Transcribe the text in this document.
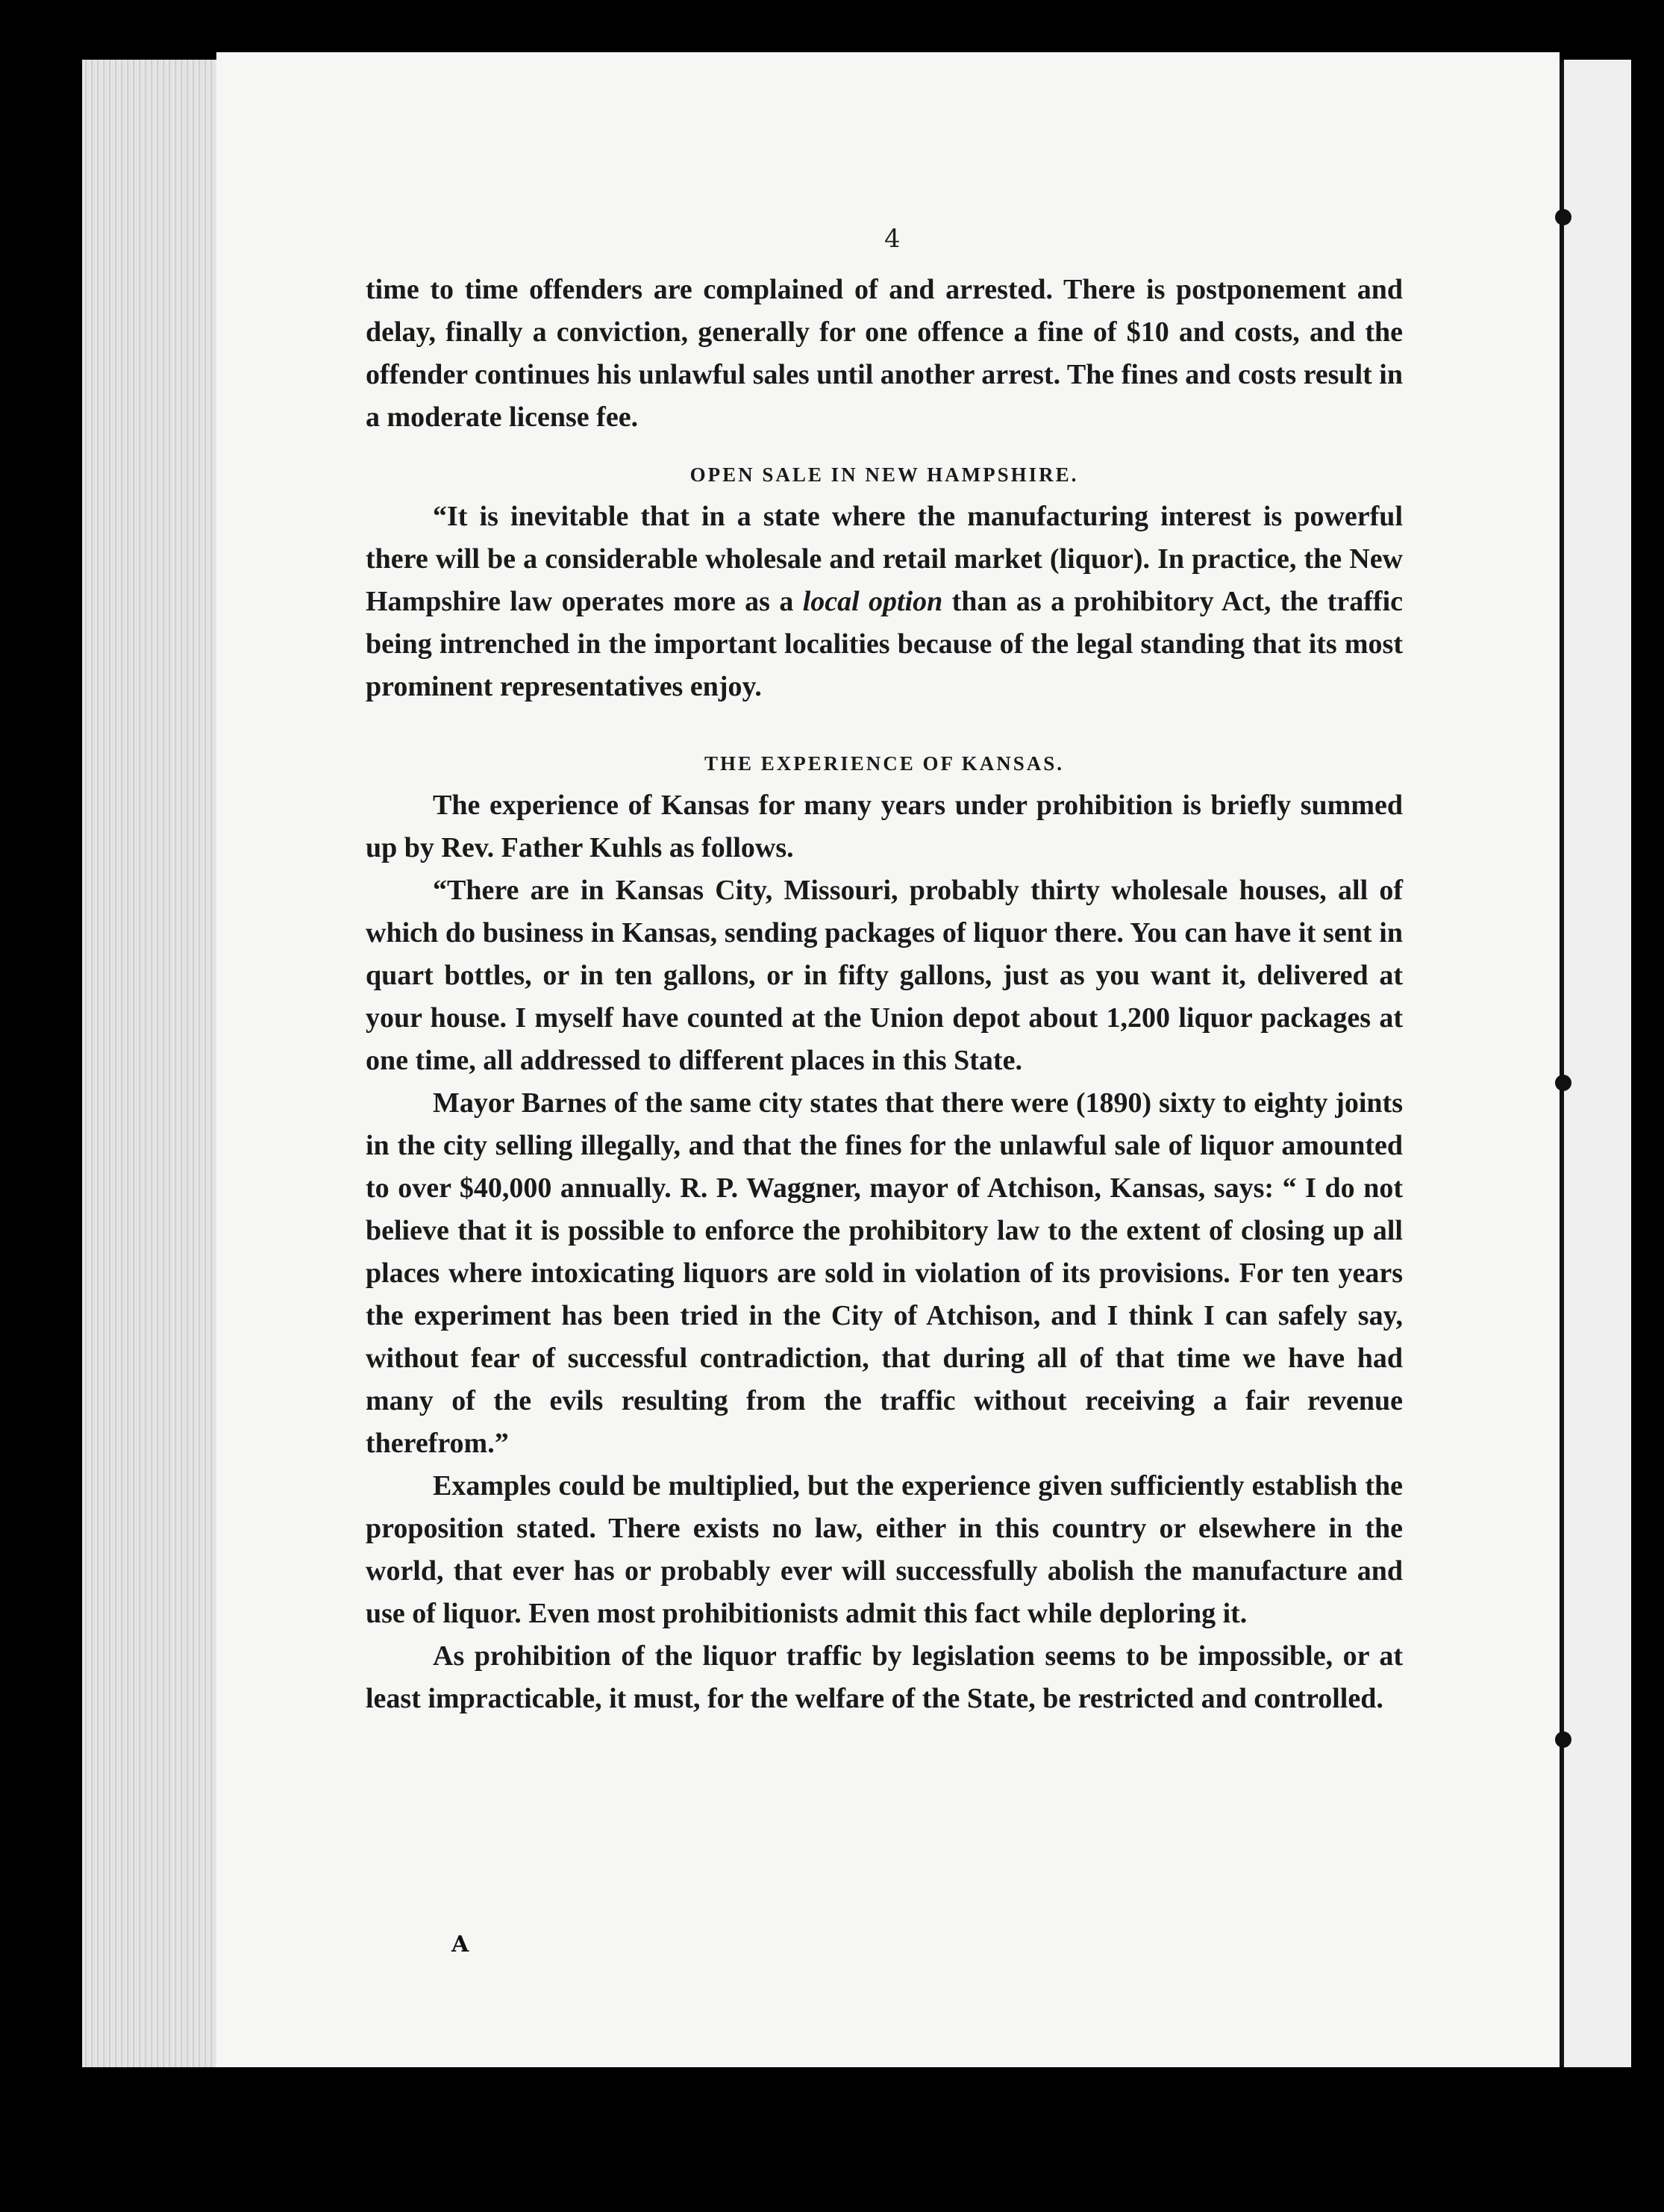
4

time to time offenders are complained of and arrested. There is postponement and delay, finally a conviction, generally for one offence a fine of $10 and costs, and the offender continues his unlawful sales until another arrest. The fines and costs result in a moderate license fee.

OPEN SALE IN NEW HAMPSHIRE.

“It is inevitable that in a state where the manufacturing interest is powerful there will be a considerable wholesale and retail market (liquor). In practice, the New Hampshire law operates more as a local option than as a prohibitory Act, the traffic being intrenched in the important localities because of the legal standing that its most prominent representatives enjoy.

THE EXPERIENCE OF KANSAS.

The experience of Kansas for many years under prohibition is briefly summed up by Rev. Father Kuhls as follows.

“There are in Kansas City, Missouri, probably thirty wholesale houses, all of which do business in Kansas, sending packages of liquor there. You can have it sent in quart bottles, or in ten gallons, or in fifty gallons, just as you want it, delivered at your house. I myself have counted at the Union depot about 1,200 liquor packages at one time, all addressed to different places in this State.

Mayor Barnes of the same city states that there were (1890) sixty to eighty joints in the city selling illegally, and that the fines for the unlawful sale of liquor amounted to over $40,000 annually. R. P. Waggner, mayor of Atchison, Kansas, says: “ I do not believe that it is possible to enforce the prohibitory law to the extent of closing up all places where intoxicating liquors are sold in violation of its provisions. For ten years the experiment has been tried in the City of Atchison, and I think I can safely say, without fear of successful contradiction, that during all of that time we have had many of the evils resulting from the traffic without receiving a fair revenue therefrom.”

Examples could be multiplied, but the experience given sufficiently establish the proposition stated. There exists no law, either in this country or elsewhere in the world, that ever has or probably ever will successfully abolish the manufacture and use of liquor. Even most prohibitionists admit this fact while deploring it.

As prohibition of the liquor traffic by legislation seems to be impossible, or at least impracticable, it must, for the welfare of the State, be restricted and controlled.

A
